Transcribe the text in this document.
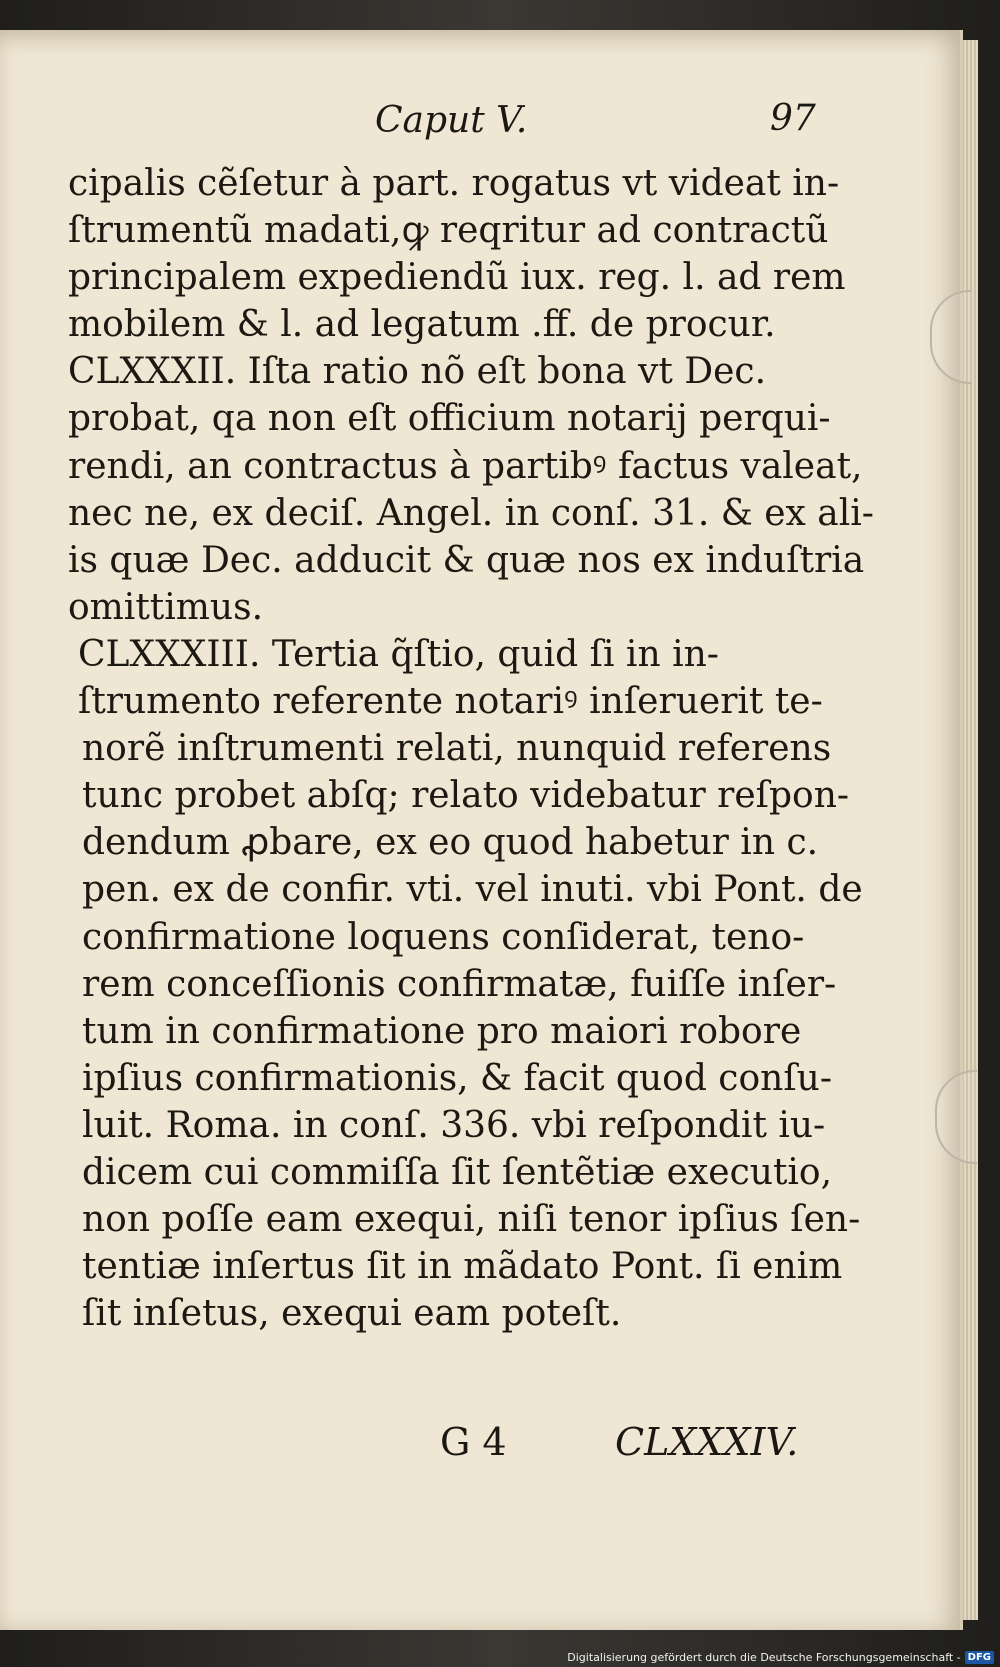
Caput V.	97
cipalis cẽſetur à part. rogatus vt videat in-
ſtrumentũ madati,ꝙ reqritur ad contractũ
principalem expediendũ iux. reg. l. ad rem
mobilem & l. ad legatum .ff. de procur.
CLXXXII. Iſta ratio nõ eſt bona vt Dec.
probat, qa non eſt officium notarij perqui-
rendi, an contractus à partibꝰ factus valeat,
nec ne, ex deciſ. Angel. in conſ. 31. & ex ali-
is quæ Dec. adducit & quæ nos ex induſtria
omittimus.
CLXXXIII. Tertia q̃ſtio, quid ſi in in-
ſtrumento referente notariꝰ inſeruerit te-
norẽ inſtrumenti relati, nunquid referens
tunc probet abſq; relato videbatur reſpon-
dendum ꝓbare, ex eo quod habetur in c.
pen. ex de confir. vti. vel inuti. vbi Pont. de
confirmatione loquens conſiderat, teno-
rem conceſſionis confirmatæ, fuiſſe inſer-
tum in confirmatione pro maiori robore
ipſius confirmationis, & facit quod conſu-
luit. Roma. in conſ. 336. vbi reſpondit iu-
dicem cui commiſſa ſit ſentẽtiæ executio,
non poſſe eam exequi, niſi tenor ipſius ſen-
tentiæ inſertus ſit in mãdato Pont. ſi enim
ſit inſetus, exequi eam poteſt.
G 4	CLXXXIV.
Digitalisierung gefördert durch die Deutsche Forschungsgemeinschaft - DFG
